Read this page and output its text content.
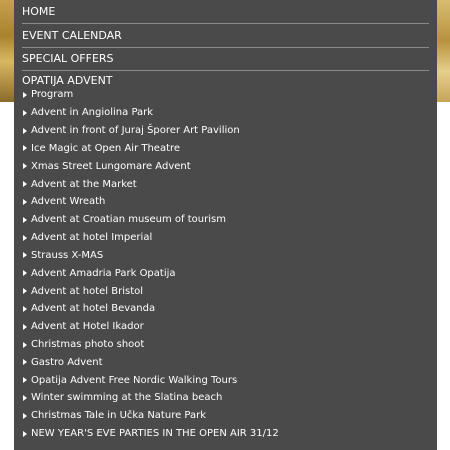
HOME
EVENT CALENDAR
SPECIAL OFFERS
OPATIJA ADVENT
Program
Advent in Angiolina Park
Advent in front of Juraj Šporer Art Pavilion
Ice Magic at Open Air Theatre
Xmas Street Lungomare Advent
Advent at the Market
Advent Wreath
Advent at Croatian museum of tourism
Advent at hotel Imperial
Strauss X-MAS
Advent Amadria Park Opatija
Advent at hotel Bristol
Advent at hotel Bevanda
Advent at Hotel Ikador
Christmas photo shoot
Gastro Advent
Opatija Advent Free Nordic Walking Tours
Winter swimming at the Slatina beach
Christmas Tale in Učka Nature Park
NEW YEAR'S EVE PARTIES IN THE OPEN AIR 31/12
